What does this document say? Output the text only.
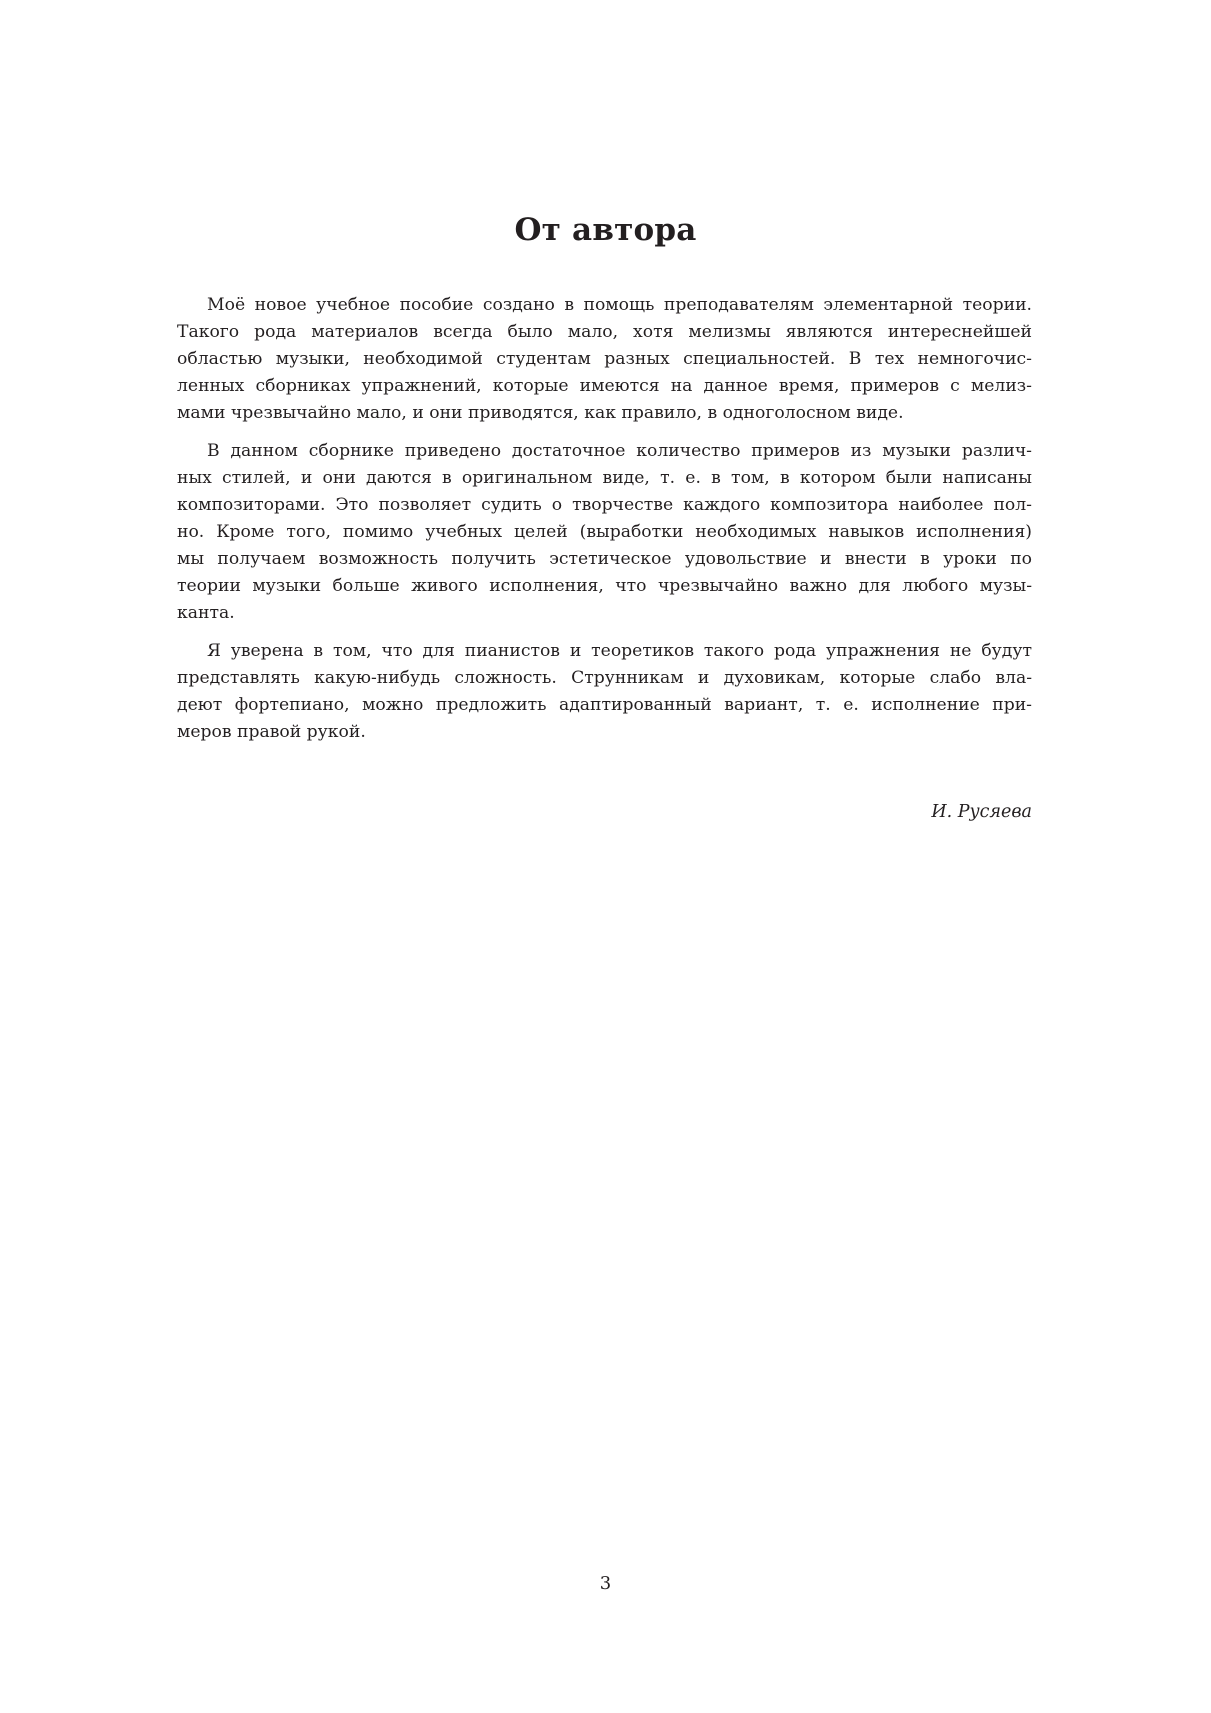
От автора

Моё новое учебное пособие создано в помощь преподавателям элементарной теории.
Такого рода материалов всегда было мало, хотя мелизмы являются интереснейшей
областью музыки, необходимой студентам разных специальностей. В тех немногочис-
ленных сборниках упражнений, которые имеются на данное время, примеров с мелиз-
мами чрезвычайно мало, и они приводятся, как правило, в одноголосном виде.

В данном сборнике приведено достаточное количество примеров из музыки различ-
ных стилей, и они даются в оригинальном виде, т. е. в том, в котором были написаны
композиторами. Это позволяет судить о творчестве каждого композитора наиболее пол-
но. Кроме того, помимо учебных целей (выработки необходимых навыков исполнения)
мы получаем возможность получить эстетическое удовольствие и внести в уроки по
теории музыки больше живого исполнения, что чрезвычайно важно для любого музы-
канта.

Я уверена в том, что для пианистов и теоретиков такого рода упражнения не будут
представлять какую-нибудь сложность. Струнникам и духовикам, которые слабо вла-
деют фортепиано, можно предложить адаптированный вариант, т. е. исполнение при-
меров правой рукой.

И. Русяева

3
